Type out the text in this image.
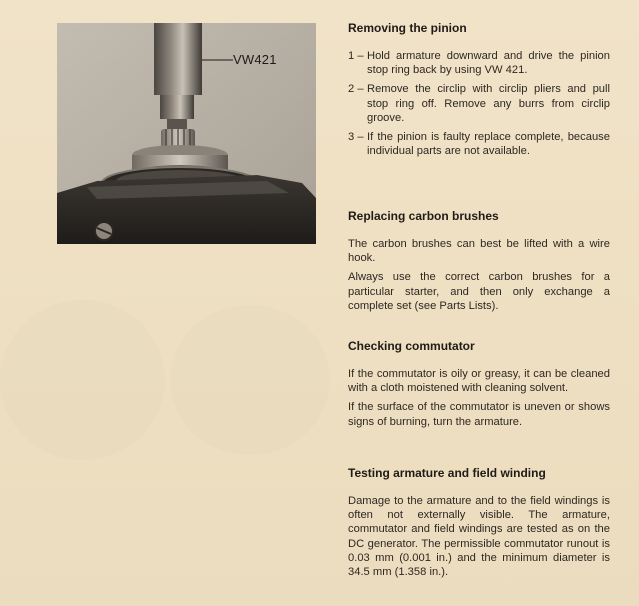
VW421

Removing the pinion

1 – Hold armature downward and drive the pinion stop ring back by using VW 421.
2 – Remove the circlip with circlip pliers and pull stop ring off. Remove any burrs from circlip groove.
3 – If the pinion is faulty replace complete, because individual parts are not available.

Replacing carbon brushes

The carbon brushes can best be lifted with a wire hook.

Always use the correct carbon brushes for a particular starter, and then only exchange a complete set (see Parts Lists).

Checking commutator

If the commutator is oily or greasy, it can be cleaned with a cloth moistened with cleaning solvent.

If the surface of the commutator is uneven or shows signs of burning, turn the armature.

Testing armature and field winding

Damage to the armature and to the field windings is often not externally visible. The armature, commutator and field windings are tested as on the DC generator. The permissible commutator runout is 0.03 mm (0.001 in.) and the minimum diameter is 34.5 mm (1.358 in.).
